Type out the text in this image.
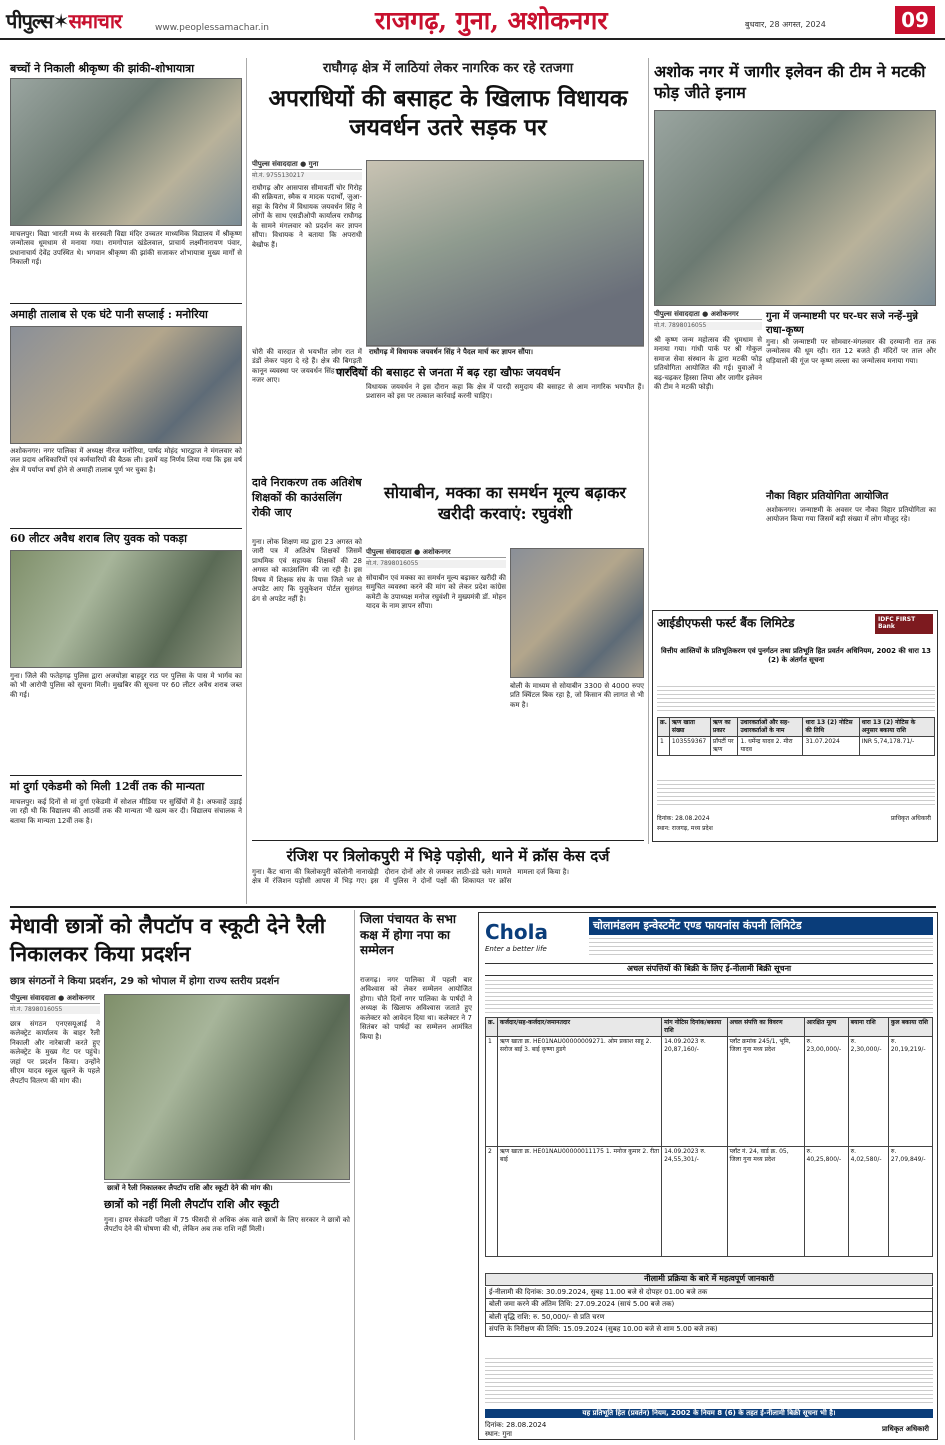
पीपुल्स✶समाचार	www.peoplessamachar.in	राजगढ़, गुना, अशोकनगर	बुधवार, 28 अगस्त, 2024	09
बच्चों ने निकाली श्रीकृष्ण की झांकी-शोभायात्रा
माचलपुर। विद्या भारती मध्य के सरस्वती विद्या मंदिर उच्चतर माध्यमिक विद्यालय में श्रीकृष्ण जन्मोत्सव धूमधाम से मनाया गया। रामगोपाल खंडेलवाल, प्राचार्य लक्ष्मीनारायण पंवार, प्रधानाचार्य देवेंद्र उपस्थित थे। भगवान श्रीकृष्ण की झांकी सजाकर शोभायात्रा मुख्य मार्गों से निकाली गई।
अमाही तालाब से एक घंटे पानी सप्लाई : मनोरिया
अशोकनगर। नगर पालिका में अध्यक्ष नीरज मनोरिया, पार्षद मोहंद भारद्वाज ने मंगलवार को जल प्रदाय अधिकारियों एवं कर्मचारियों की बैठक ली। इसमें यह निर्णय लिया गया कि इस वर्ष क्षेत्र में पर्याप्त वर्षा होने से अमाही तालाब पूर्ण भर चुका है।
60 लीटर अवैध शराब लिए युवक को पकड़ा
गुना। जिले की फतेहगढ़ पुलिस द्वारा अजयोज्ञा बाहदुर राठ पर पुलिस के पास मे भार्गव का को भी आरोपी पुलिस को सूचना मिली। मुखबिर की सूचना पर 60 लीटर अवैध शराब जब्त की गई।
मां दुर्गा एकेडमी को मिली 12वीं तक की मान्यता
माचलपुर। कई दिनों से मां दुर्गा एकेडमी में सोशल मीडिया पर सुर्खियों में है। अफवाहें उड़ाई जा रही थी कि विद्यालय की आठवीं तक की मान्यता भी खत्म कर दी। विद्यालय संचालक ने बताया कि मान्यता 12वीं तक है।
राघौगढ़ क्षेत्र में लाठियां लेकर नागरिक कर रहे रतजगा
अपराधियों की बसाहट के खिलाफ विधायक जयवर्धन उतरे सड़क पर
पीपुल्स संवाददाता ● गुना
मो.नं. 9755130217
राघौगढ़ और आसपास सीमावर्ती चोर गिरोह की सक्रियता, स्मैक व मादक पदार्थों, जुआ-सट्टा के विरोध में विधायक जयवर्धन सिंह ने लोगों के साथ एसडीओपी कार्यालय राघौगढ़ के सामने मंगलवार को प्रदर्शन कर ज्ञापन सौंपा। विधायक ने बताया कि अपराधी बेखौफ हैं।
राघौगढ़ में विधायक जयवर्धन सिंह ने पैदल मार्च कर ज्ञापन सौंपा।
चोरी की वारदात से भयभीत लोग रात में डंडों लेकर पहरा दे रहे हैं। क्षेत्र की बिगड़ती कानून व्यवस्था पर जयवर्धन सिंह आक्रोशित नजर आए।
पारदियों की बसाहट से जनता में बढ़ रहा खौफः जयवर्धन
विधायक जयवर्धन ने इस दौरान कहा कि क्षेत्र में पारदी समुदाय की बसाहट से आम नागरिक भयभीत हैं। प्रशासन को इस पर तत्काल कार्रवाई करनी चाहिए।
दावे निराकरण तक अतिशेष शिक्षकों की काउंसलिंग रोकी जाए
गुना। लोक शिक्षण मप्र द्वारा 23 अगस्त को जारी पत्र में अतिशेष शिक्षकों जिसमें प्राथमिक एवं सहायक शिक्षकों की 28 अगस्त को काउंसलिंग की जा रही है। इस विषय में शिक्षक संघ के पास जिले भर से अपडेट आए कि युजुकेशन पोर्टल सुसंगत ढंग से अपडेट नहीं है।
सोयाबीन, मक्का का समर्थन मूल्य बढ़ाकर खरीदी करवाएं: रघुवंशी
पीपुल्स संवाददाता ● अशोकनगर
मो.नं. 7898016055
सोयाबीन एवं मक्का का समर्थन मूल्य बढ़ाकर खरीदी की समुचित व्यवस्था करने की मांग को लेकर प्रदेश कांग्रेस कमेटी के उपाध्यक्ष मनोज रघुवंशी ने मुख्यमंत्री डॉ. मोहन यादव के नाम ज्ञापन सौंपा।
बोली के माध्यम से सोयाबीन 3300 से 4000 रुपए प्रति क्विंटल बिक रहा है, जो किसान की लागत से भी कम है।
अशोक नगर में जागीर इलेवन की टीम ने मटकी फोड़ जीते इनाम
पीपुल्स संवाददाता ● अशोकनगर
मो.नं. 7898016055
श्री कृष्ण जन्म महोत्सव की धूमधाम से मनाया गया। गांधी पार्क पर श्री गोकुल समाज सेवा संस्थान के द्वारा मटकी फोड़ प्रतियोगिता आयोजित की गई। युवाओं ने बढ़-चढ़कर हिस्सा लिया और जागीर इलेवन की टीम ने मटकी फोड़ी।
गुना में जन्माष्टमी पर घर-घर सजे नन्हें-मुन्ने राधा-कृष्ण
गुना। श्री जन्माष्टमी पर सोमवार-मंगलवार की दरम्यानी रात तक जन्मोत्सव की धूम रही। रात 12 बजते ही मंदिरों पर ताल और घड़ियालों की गूंज पर कृष्ण लल्ला का जन्मोत्सव मनाया गया।
नौका विहार प्रतियोगिता आयोजित
अशोकनगर। जन्माष्टमी के अवसर पर नौका विहार प्रतियोगिता का आयोजन किया गया जिसमें बड़ी संख्या में लोग मौजूद रहे।
आईडीएफसी फर्स्ट बैंक लिमिटेड	IDFC FIRST Bank
वित्तीय आस्तियों के प्रतिभूतिकरण एवं पुनर्गठन तथा प्रतिभूति हित प्रवर्तन अधिनियम, 2002 की धारा 13 (2) के अंतर्गत सूचना
क्र.	ऋण खाता संख्या	ऋण का प्रकार	उधारकर्ताओं और सह-उधारकर्ताओं के नाम	धारा 13 (2) नोटिस की तिथि	धारा 13 (2) नोटिस के अनुसार बकाया राशि
1	103559367	प्रॉपर्टी पर ऋण	1. धर्मेन्द्र यादव 2. मीरा यादव	31.07.2024	INR 5,74,178.71/-
दिनांक: 28.08.2024
स्थान: राजगढ़, मध्य प्रदेश
प्राधिकृत अधिकारी
रंजिश पर त्रिलोकपुरी में भिड़े पड़ोसी, थाने में क्रॉस केस दर्ज
गुना। कैंट थाना की त्रिलोकपुरी कॉलोनी नानाखेड़ी क्षेत्र में रंजिशन पड़ोसी आपस में भिड़ गए। इस दौरान दोनों ओर से जमकर लाठी-डंडे चले। मामले में पुलिस ने दोनों पक्षों की शिकायत पर क्रॉस मामला दर्ज किया है।
मेधावी छात्रों को लैपटॉप व स्कूटी देने रैली निकालकर किया प्रदर्शन
छात्र संगठनों ने किया प्रदर्शन, 29 को भोपाल में होगा राज्य स्तरीय प्रदर्शन
पीपुल्स संवाददाता ● अशोकनगर
मो.नं. 7898016055
छात्र संगठन एनएसयूआई ने कलेक्ट्रेट कार्यालय के बाहर रैली निकाली और नारेबाजी करते हुए कलेक्ट्रेट के मुख्य गेट पर पहुंचे। जहां पर प्रदर्शन किया। उन्होंने सीएम यादव स्कूल खुलने के पहले लैपटॉप वितरण की मांग की।
छात्रों ने रैली निकालकर लैपटॉप राशि और स्कूटी देने की मांग की।
छात्रों को नहीं मिली लैपटॉप राशि और स्कूटी
गुना। हायर सेकंडरी परीक्षा में 75 फीसदी से अधिक अंक वाले छात्रों के लिए सरकार ने छात्रों को लैपटॉप देने की घोषणा की थी, लेकिन अब तक राशि नहीं मिली।
जिला पंचायत के सभा कक्ष में होगा नपा का सम्मेलन
राजगढ़। नगर पालिका में पहली बार अविश्वास को लेकर सम्मेलन आयोजित होगा। चौते दिनों नगर पालिका के पार्षदों ने अध्यक्ष के खिलाफ अविश्वास जताते हुए कलेक्टर को आवेदन दिया था। कलेक्टर ने 7 सितंबर को पार्षदों का सम्मेलन आमंत्रित किया है।
Chola
Enter a better life
चोलामंडलम इन्वेस्टमेंट एण्ड फायनांस कंपनी लिमिटेड
अचल संपत्तियों की बिक्री के लिए ई-नीलामी बिक्री सूचना
क्र.	कर्जदार/सह-कर्जदार/जमानतदार	मांग नोटिस दिनांक/बकाया राशि	अचल संपत्ति का विवरण	आरक्षित मूल्य	बयाना राशि	कुल बकाया राशि
1	ऋण खाता क्र. HE01NAU00000009271. ओम प्रकाश साहू 2. सरोज बाई 3. बाई कृष्णा हुडगे	14.09.2023 रु. 20,87,160/-	प्लॉट क्रमांक 245/1, भूमि, जिला गुना मध्य प्रदेश	रु. 23,00,000/-	रु. 2,30,000/-	रु. 20,19,219/-
2	ऋण खाता क्र. HE01NAU00000011175 1. मनोज कुमार 2. रीता बाई	14.09.2023 रु. 24,55,301/-	प्लॉट नं. 24, वार्ड क्र. 05, जिला गुना मध्य प्रदेश	रु. 40,25,800/-	रु. 4,02,580/-	रु. 27,09,849/-
नीलामी प्रक्रिया के बारे में महत्वपूर्ण जानकारी
ई-नीलामी की दिनांक: 30.09.2024, सुबह 11.00 बजे से दोपहर 01.00 बजे तक
बोली जमा करने की अंतिम तिथि: 27.09.2024 (सायं 5.00 बजे तक)
बोली वृद्धि राशि: रु. 50,000/- से प्रति चरण
संपत्ति के निरीक्षण की तिथि: 15.09.2024 (सुबह 10.00 बजे से शाम 5.00 बजे तक)
यह प्रतिभूति हित (प्रवर्तन) नियम, 2002 के नियम 8 (6) के तहत ई-नीलामी बिक्री सूचना भी है।
दिनांक: 28.08.2024
स्थान: गुना
प्राधिकृत अधिकारी
